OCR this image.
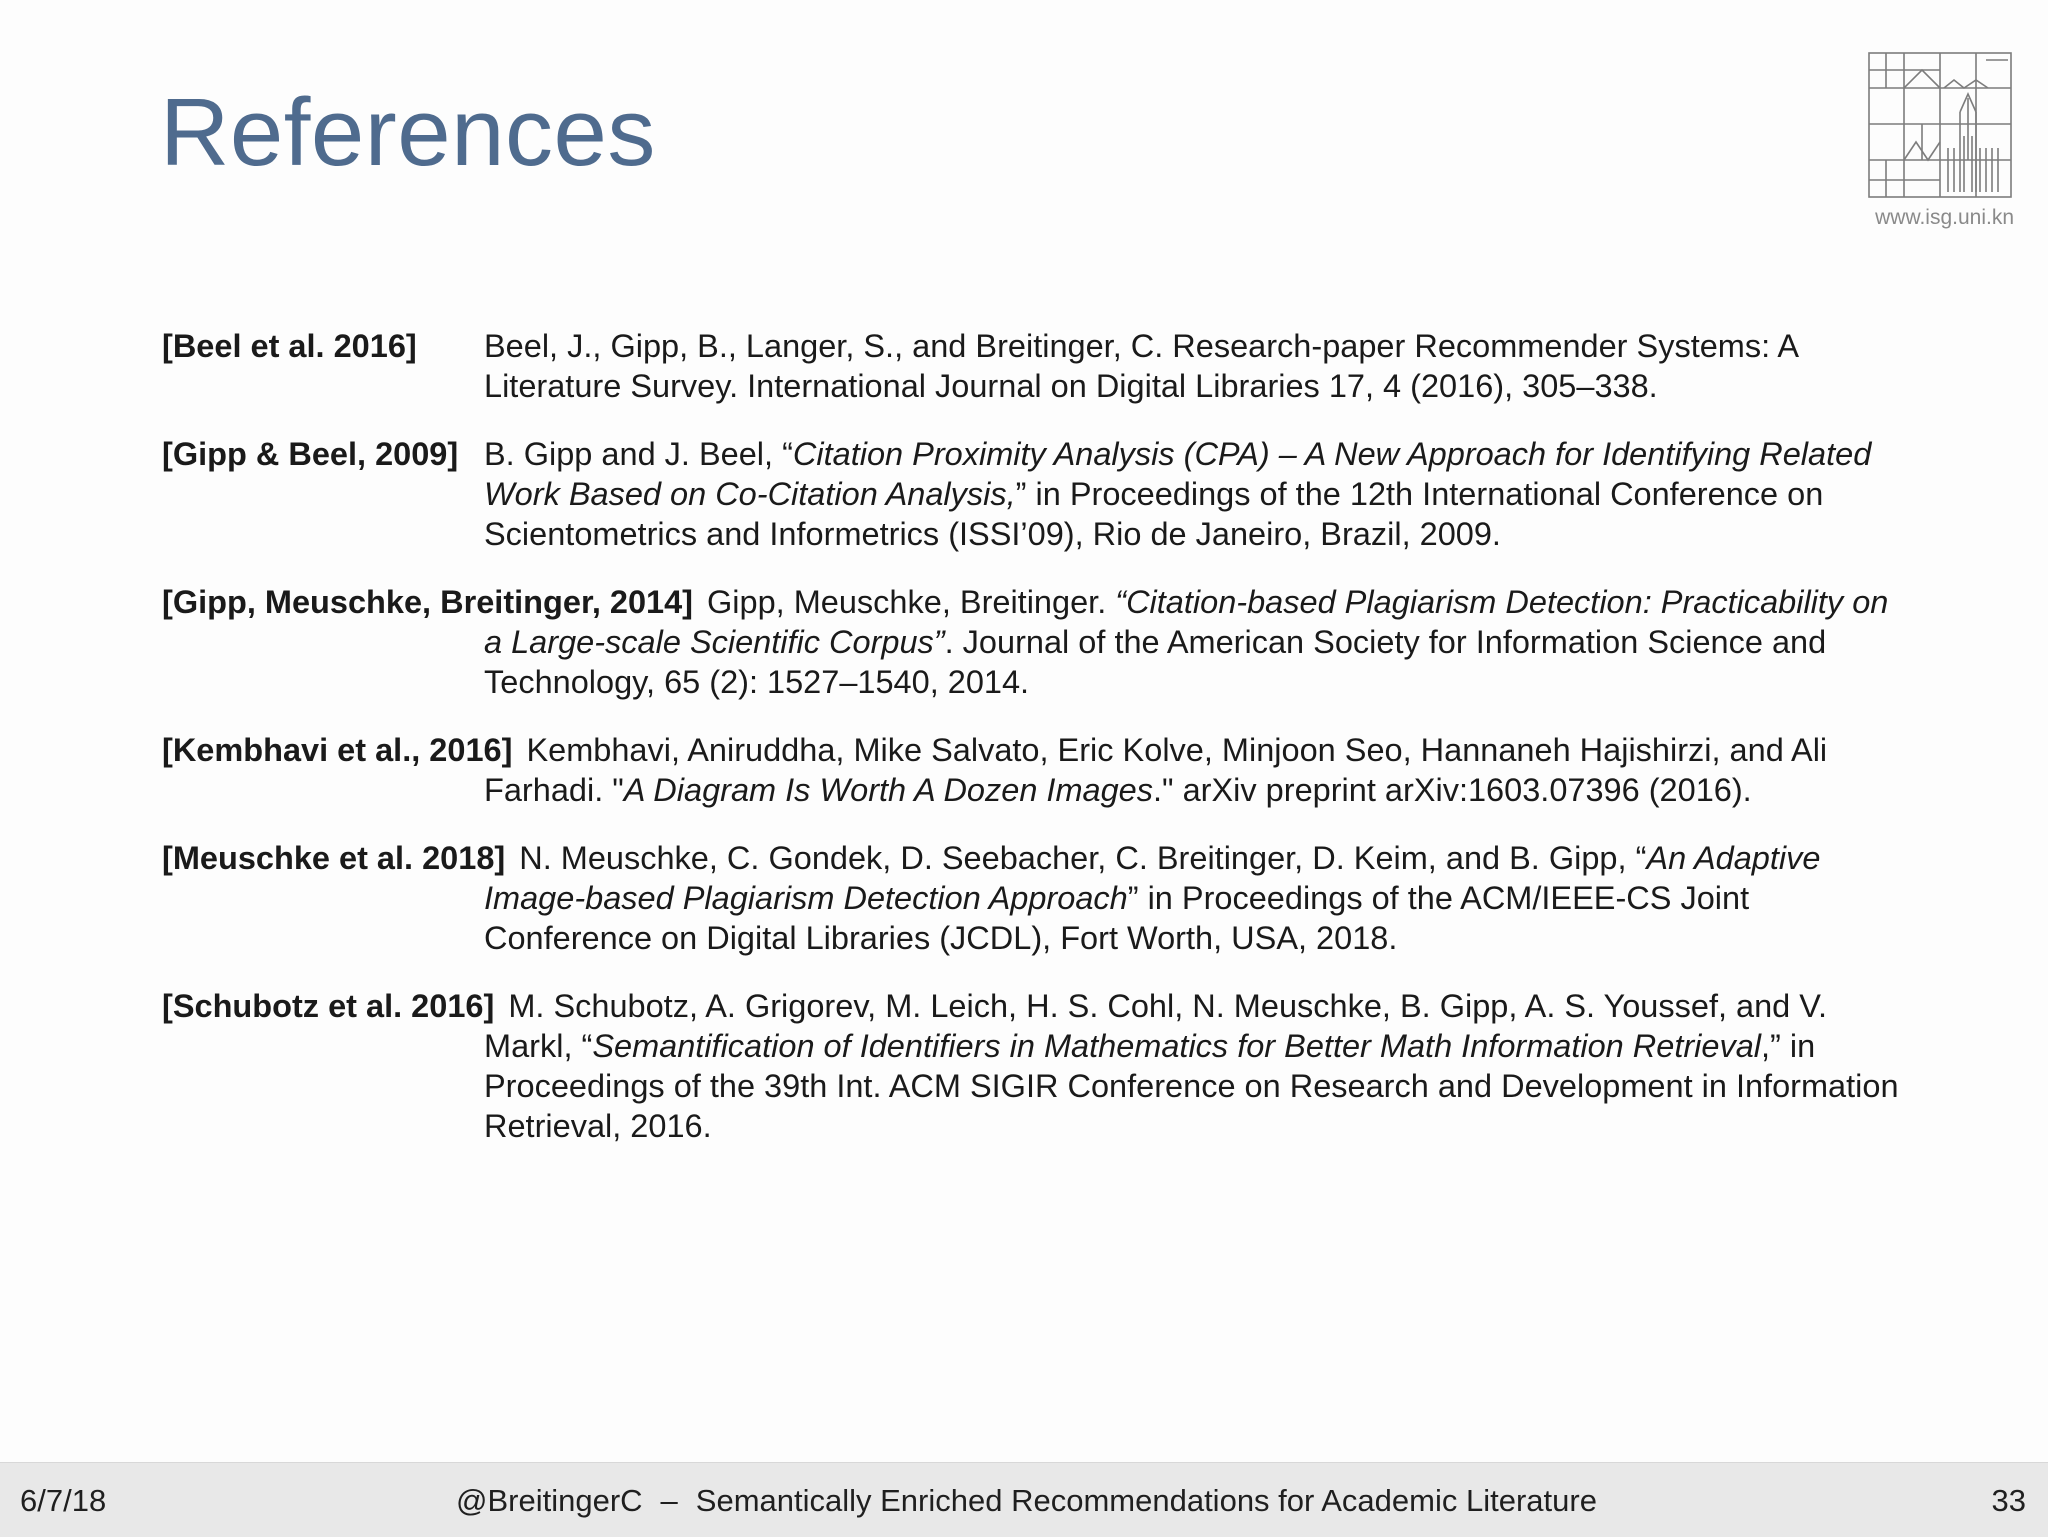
References
www.isg.uni.kn
[Beel et al. 2016]	Beel, J., Gipp, B., Langer, S., and Breitinger, C. Research-paper Recommender Systems: A Literature Survey. International Journal on Digital Libraries 17, 4 (2016), 305–338.
[Gipp & Beel, 2009] B. Gipp and J. Beel, “Citation Proximity Analysis (CPA) – A New Approach for Identifying Related Work Based on Co-Citation Analysis,” in Proceedings of the 12th International Conference on Scientometrics and Informetrics (ISSI’09), Rio de Janeiro, Brazil, 2009.
[Gipp, Meuschke, Breitinger, 2014] Gipp, Meuschke, Breitinger. “Citation-based Plagiarism Detection: Practicability on a Large-scale Scientific Corpus”. Journal of the American Society for Information Science and Technology, 65 (2): 1527–1540, 2014.
[Kembhavi et al., 2016] Kembhavi, Aniruddha, Mike Salvato, Eric Kolve, Minjoon Seo, Hannaneh Hajishirzi, and Ali Farhadi. "A Diagram Is Worth A Dozen Images." arXiv preprint arXiv:1603.07396 (2016).
[Meuschke et al. 2018] N. Meuschke, C. Gondek, D. Seebacher, C. Breitinger, D. Keim, and B. Gipp, “An Adaptive Image-based Plagiarism Detection Approach” in Proceedings of the ACM/IEEE-CS Joint Conference on Digital Libraries (JCDL), Fort Worth, USA, 2018.
[Schubotz et al. 2016] M. Schubotz, A. Grigorev, M. Leich, H. S. Cohl, N. Meuschke, B. Gipp, A. S. Youssef, and V. Markl, “Semantification of Identifiers in Mathematics for Better Math Information Retrieval,” in Proceedings of the 39th Int. ACM SIGIR Conference on Research and Development in Information Retrieval, 2016.
6/7/18	@BreitingerC – Semantically Enriched Recommendations for Academic Literature	33
